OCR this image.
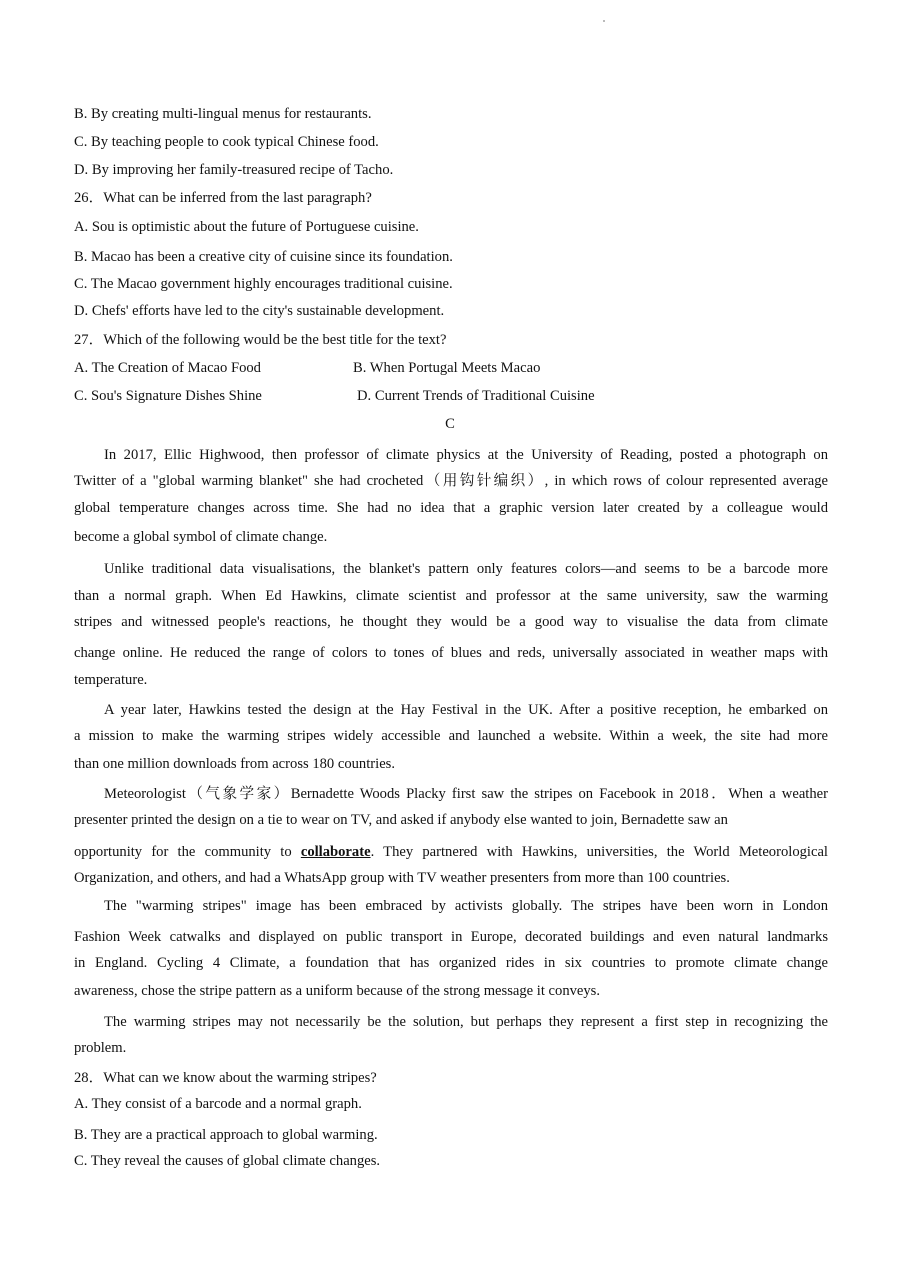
B. By creating multi-lingual menus for restaurants.
C. By teaching people to cook typical Chinese food.
D. By improving her family-treasured recipe of Tacho.
26．What can be inferred from the last paragraph?
A. Sou is optimistic about the future of Portuguese cuisine.
B. Macao has been a creative city of cuisine since its foundation.
C. The Macao government highly encourages traditional cuisine.
D. Chefs' efforts have led to the city's sustainable development.
27．Which of the following would be the best title for the text?
A. The Creation of Macao Food	B. When Portugal Meets Macao
C. Sou's Signature Dishes Shine	D. Current Trends of Traditional Cuisine
C
In 2017, Ellic Highwood, then professor of climate physics at the University of Reading, posted a photograph on
Twitter of a "global warming blanket" she had crocheted（用钩针编织）, in which rows of colour represented average
global temperature changes across time. She had no idea that a graphic version later created by a colleague would
become a global symbol of climate change.
Unlike traditional data visualisations, the blanket's pattern only features colors—and seems to be a barcode more
than a normal graph. When Ed Hawkins, climate scientist and professor at the same university, saw the warming
stripes and witnessed people's reactions, he thought they would be a good way to visualise the data from climate
change online. He reduced the range of colors to tones of blues and reds, universally associated in weather maps with
temperature.
A year later, Hawkins tested the design at the Hay Festival in the UK. After a positive reception, he embarked on
a mission to make the warming stripes widely accessible and launched a website. Within a week, the site had more
than one million downloads from across 180 countries.
Meteorologist（气象学家）Bernadette Woods Placky first saw the stripes on Facebook in 2018．When a weather
presenter printed the design on a tie to wear on TV, and asked if anybody else wanted to join, Bernadette saw an
opportunity for the community to collaborate. They partnered with Hawkins, universities, the World Meteorological
Organization, and others, and had a WhatsApp group with TV weather presenters from more than 100 countries.
The "warming stripes" image has been embraced by activists globally. The stripes have been worn in London
Fashion Week catwalks and displayed on public transport in Europe, decorated buildings and even natural landmarks
in England. Cycling 4 Climate, a foundation that has organized rides in six countries to promote climate change
awareness, chose the stripe pattern as a uniform because of the strong message it conveys.
The warming stripes may not necessarily be the solution, but perhaps they represent a first step in recognizing the
problem.
28．What can we know about the warming stripes?
A. They consist of a barcode and a normal graph.
B. They are a practical approach to global warming.
C. They reveal the causes of global climate changes.
